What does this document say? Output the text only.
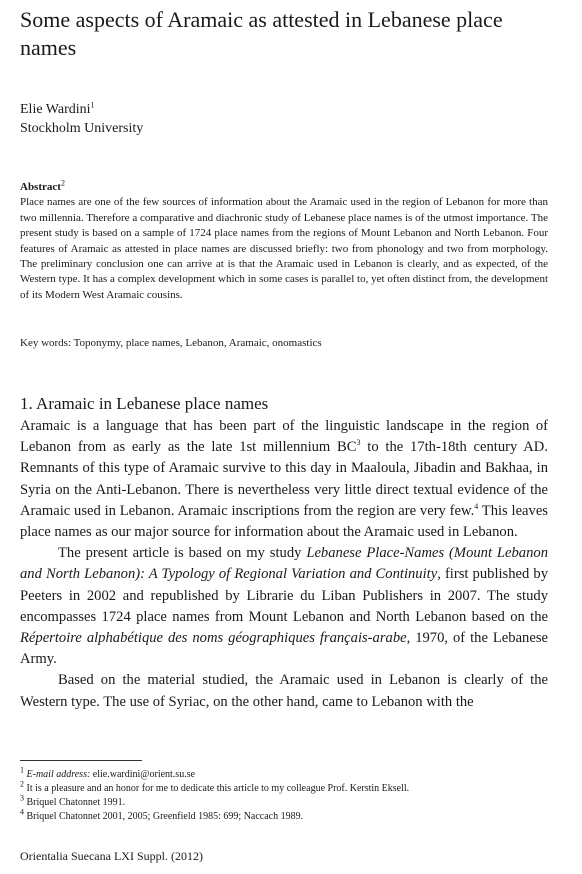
Some aspects of Aramaic as attested in Lebanese place names
Elie Wardini$^1$
Stockholm University
Abstract$^2$
Place names are one of the few sources of information about the Aramaic used in the region of Lebanon for more than two millennia. Therefore a comparative and diachronic study of Lebanese place names is of the utmost importance. The present study is based on a sample of 1724 place names from the regions of Mount Lebanon and North Lebanon. Four features of Aramaic as attested in place names are discussed briefly: two from phonology and two from morphology. The preliminary conclusion one can arrive at is that the Aramaic used in Lebanon is clearly, and as expected, of the Western type. It has a complex development which in some cases is parallel to, yet often distinct from, the development of its Modern West Aramaic cousins.
Key words: Toponymy, place names, Lebanon, Aramaic, onomastics
1. Aramaic in Lebanese place names

Aramaic is a language that has been part of the linguistic landscape in the region of Lebanon from as early as the late 1st millennium $BC^3$ to the 17th-18th century AD. Remnants of this type of Aramaic survive to this day in Maaloula, Jibadin and Bakhaa, in Syria on the Anti-Lebanon. There is nevertheless very little direct textual evidence of the Aramaic used in Lebanon. Aramaic inscriptions from the region are very few.$^4$ This leaves place names as our major source for information about the Aramaic used in Lebanon.

The present article is based on my study Lebanese Place-Names (Mount Lebanon and North Lebanon): A Typology of Regional Variation and Continuity, first published by Peeters in 2002 and republished by Librarie du Liban Publishers in 2007. The study encompasses 1724 place names from Mount Lebanon and North Lebanon based on the Répertoire alphabétique des noms géographiques français-arabe, 1970, of the Lebanese Army.

Based on the material studied, the Aramaic used in Lebanon is clearly of the Western type. The use of Syriac, on the other hand, came to Lebanon with the

$^1$ E-mail address: elie.wardini@orient.su.se

$^2$ It is a pleasure and an honor for me to dedicate this article to my colleague Prof. Kerstin Eksell.

$^3$ Briquel Chatonnet 1991.

$^4$ Briquel Chatonnet 2001, 2005; Greenfield 1985: 699; Naccach 1989.

Orientalia Suecana LXI Suppl. (2012)
